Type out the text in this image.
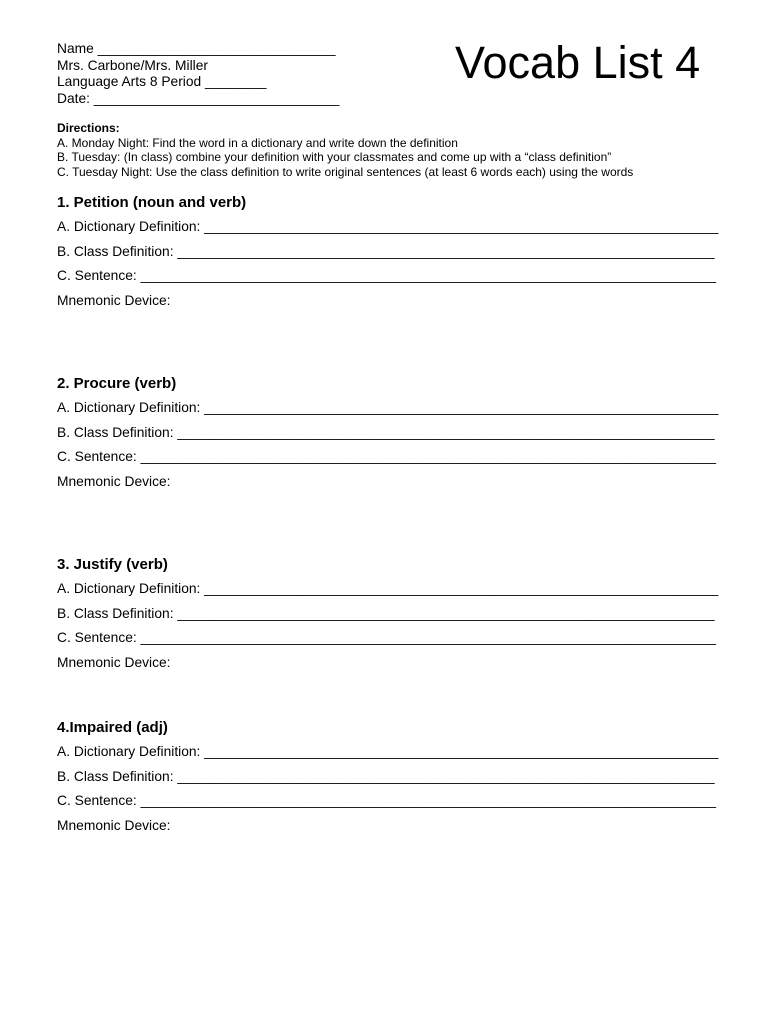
Name _______________________________
Mrs. Carbone/Mrs. Miller
Language Arts 8 Period ________
Date: ________________________________
Vocab List 4
Directions:
A. Monday Night: Find the word in a dictionary and write down the definition
B. Tuesday: (In class) combine your definition with your classmates and come up with a “class definition”
C. Tuesday Night: Use the class definition to write original sentences (at least 6 words each) using the words
1. Petition (noun and verb)
A. Dictionary Definition: ___________________________________________________________________
B. Class Definition: ______________________________________________________________________
C. Sentence: ___________________________________________________________________________
Mnemonic Device:
2. Procure (verb)
A. Dictionary Definition: ___________________________________________________________________
B. Class Definition: ______________________________________________________________________
C. Sentence: ___________________________________________________________________________
Mnemonic Device:
3. Justify (verb)
A. Dictionary Definition: ___________________________________________________________________
B. Class Definition: ______________________________________________________________________
C. Sentence: ___________________________________________________________________________
Mnemonic Device:
4.Impaired (adj)
A. Dictionary Definition: ___________________________________________________________________
B. Class Definition: ______________________________________________________________________
C. Sentence: ___________________________________________________________________________
Mnemonic Device:
